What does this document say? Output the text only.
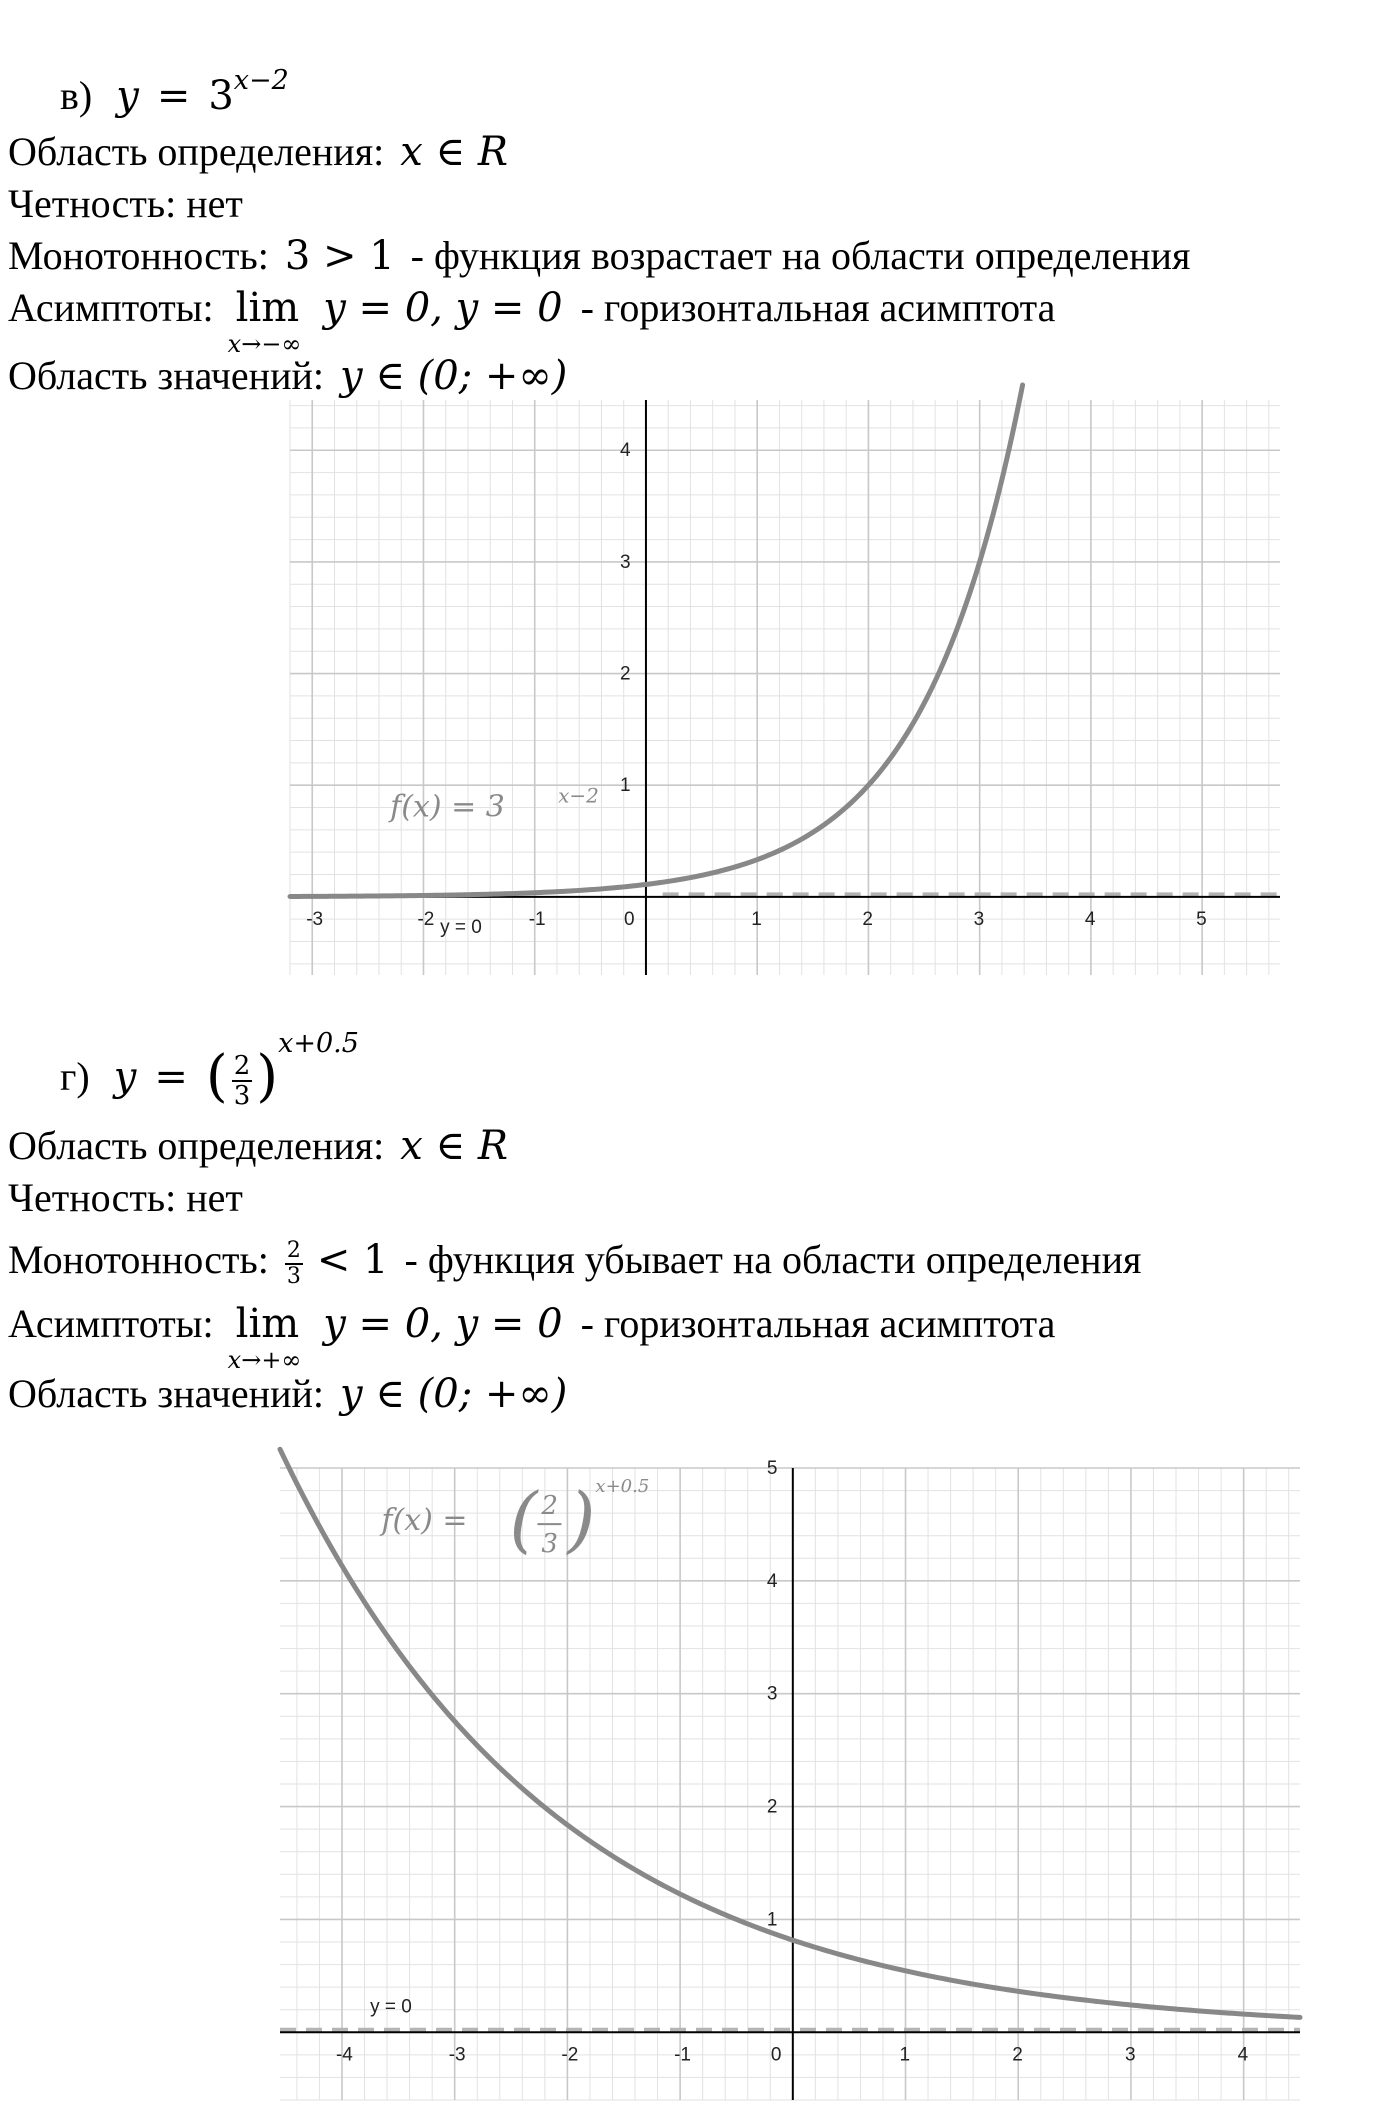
в) $y = 3^{x-2}$
Область определения: x ∈ R
Четность: нет
Монотонность: 3 > 1 - функция возрастает на области определения
Асимптоты: lim
x→−∞
y = 0, y = 0 - горизонтальная асимптота
Область значений: y ∈ (0; +∞)
-3	-2	-1	0	1	2	3	4	5
1
2
3
4
y = 0
f(x) = 3	x−2
г) y = ( $\frac{2}{3} )^{x+0.5}$
Область определения: x ∈ R
Четность: нет
Монотонность: $\frac{2}{3} < 1$ - функция убывает на области определения
Асимптоты: lim
x→+∞
y = 0, y = 0 - горизонтальная асимптота
Область значений: y ∈ (0; +∞)
-4	-3	-2	-1	0	1	2	3	4
1
2
3
4
5
y = 0
f(x) = ( 2
3 ) x+0.5
